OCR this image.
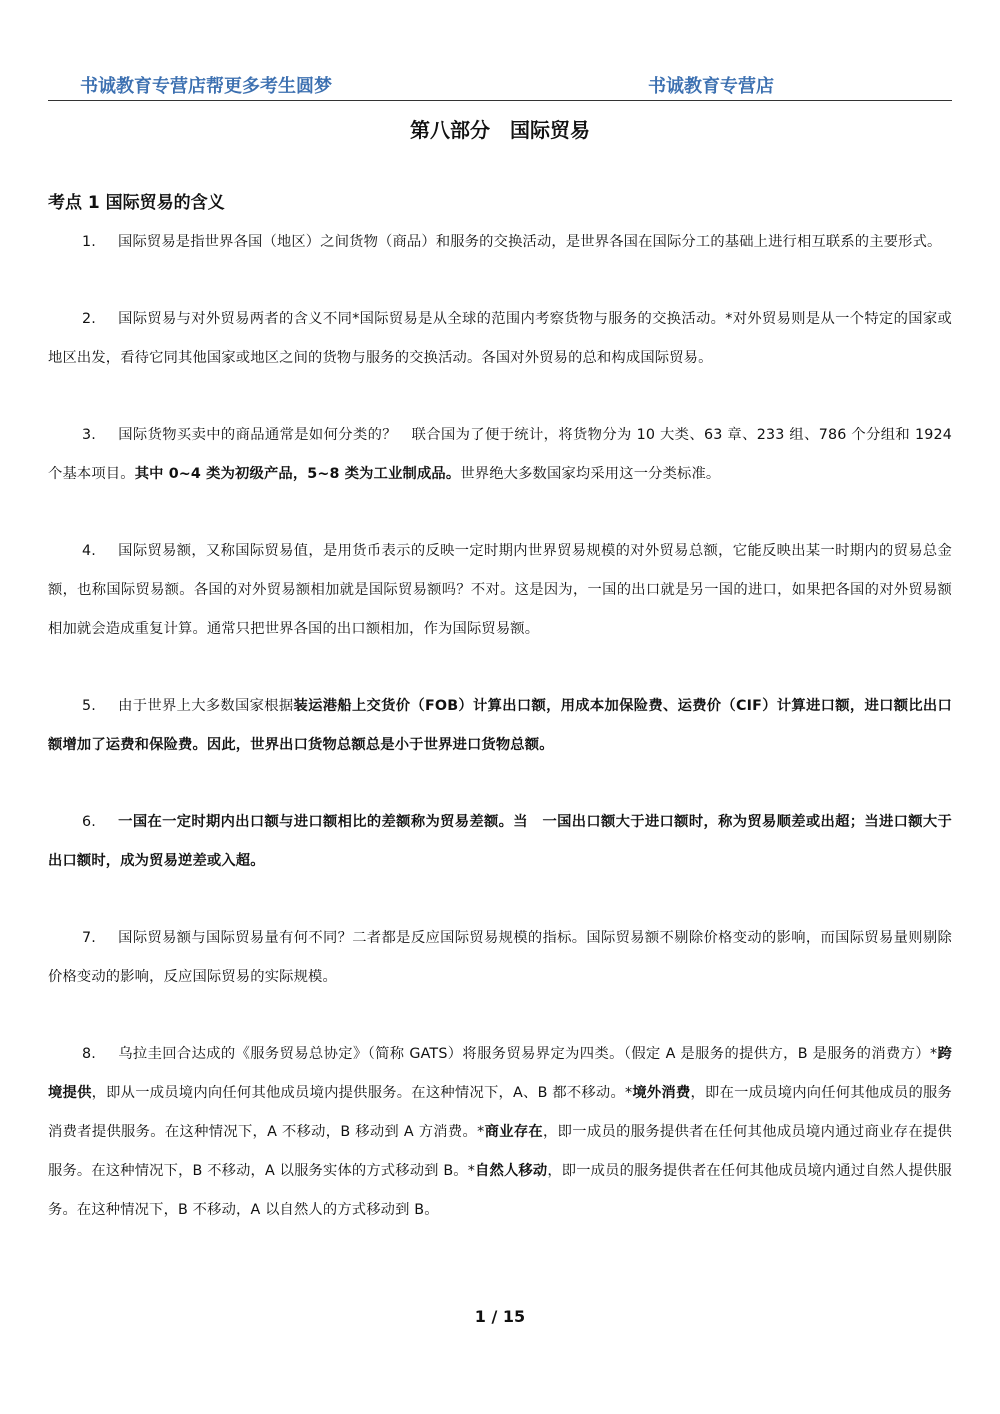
书诚教育专营店帮更多考生圆梦	书诚教育专营店
第八部分　国际贸易
考点 1 国际贸易的含义

1. 国际贸易是指世界各国（地区）之间货物（商品）和服务的交换活动，是世界各国在国际分工的基础上进行相互联系的主要形式。

2. 国际贸易与对外贸易两者的含义不同*国际贸易是从全球的范围内考察货物与服务的交换活动。*对外贸易则是从一个特定的国家或地区出发，看待它同其他国家或地区之间的货物与服务的交换活动。各国对外贸易的总和构成国际贸易。

3. 国际货物买卖中的商品通常是如何分类的？　联合国为了便于统计，将货物分为 10 大类、63 章、233 组、786 个分组和 1924 个基本项目。其中 0~4 类为初级产品，5~8 类为工业制成品。世界绝大多数国家均采用这一分类标准。

4. 国际贸易额，又称国际贸易值，是用货币表示的反映一定时期内世界贸易规模的对外贸易总额，它能反映出某一时期内的贸易总金额，也称国际贸易额。各国的对外贸易额相加就是国际贸易额吗？不对。这是因为，一国的出口就是另一国的进口，如果把各国的对外贸易额相加就会造成重复计算。通常只把世界各国的出口额相加，作为国际贸易额。

5. 由于世界上大多数国家根据装运港船上交货价（FOB）计算出口额，用成本加保险费、运费价（CIF）计算进口额，进口额比出口额增加了运费和保险费。因此，世界出口货物总额总是小于世界进口货物总额。

6. 一国在一定时期内出口额与进口额相比的差额称为贸易差额。当　一国出口额大于进口额时，称为贸易顺差或出超；当进口额大于　出口额时，成为贸易逆差或入超。

7. 国际贸易额与国际贸易量有何不同？二者都是反应国际贸易规模的指标。国际贸易额不剔除价格变动的影响，而国际贸易量则剔除价格变动的影响，反应国际贸易的实际规模。

8. 乌拉圭回合达成的《服务贸易总协定》（简称 GATS）将服务贸易界定为四类。（假定 A 是服务的提供方，B 是服务的消费方）*跨境提供，即从一成员境内向任何其他成员境内提供服务。在这种情况下，A、B 都不移动。*境外消费，即在一成员境内向任何其他成员的服务消费者提供服务。在这种情况下，A 不移动，B 移动到 A 方消费。*商业存在，即一成员的服务提供者在任何其他成员境内通过商业存在提供服务。在这种情况下，B 不移动，A 以服务实体的方式移动到 B。*自然人移动，即一成员的服务提供者在任何其他成员境内通过自然人提供服务。在这种情况下，B 不移动，A 以自然人的方式移动到 B。

1 / 15
